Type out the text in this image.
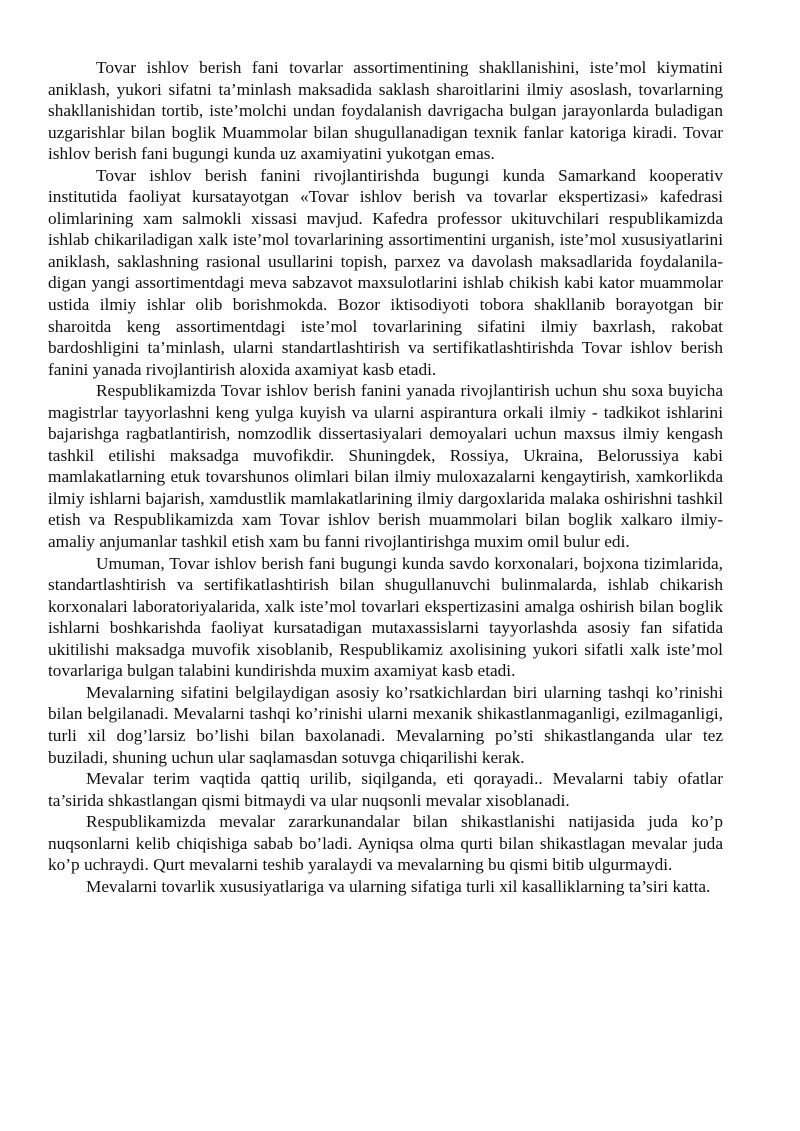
Tovar ishlov berish fani tovarlar assortimentining shakllanishini, iste’mol kiymatini aniklash, yukori sifatni ta’minlash maksadida saklash sharoitlarini ilmiy asoslash, tovarlarning shakllanishidan tortib, iste’molchi undan foydalanish davrigacha bulgan jarayonlarda buladigan uzgarishlar bilan boglik Muammolar bilan shugullanadigan texnik fanlar katoriga kiradi. Tovar ishlov berish fani bugungi kunda uz axamiyatini yukotgan emas.

Tovar ishlov berish fanini rivojlantirishda bugungi kunda Samarkand kooperativ institutida faoliyat kursatayotgan «Tovar ishlov berish va tovarlar ekspertizasi» kafedrasi olimlarining xam salmokli xissasi mavjud. Kafedra professor ukituvchilari respublikamizda ishlab chikariladigan xalk iste’mol tovarlarining assortimentini urganish, iste’mol xususiyatlarini aniklash, saklashning rasional usullarini topish, parxez va davolash maksadlarida foydalanila-digan yangi assortimentdagi meva sabzavot maxsulotlarini ishlab chikish kabi kator muammolar ustida ilmiy ishlar olib borishmokda. Bozor iktisodiyoti tobora shakllanib borayotgan bir sharoitda keng assortimentdagi iste’mol tovarlarining sifatini ilmiy baxrlash, rakobat bardoshligini ta’minlash, ularni standartlashtirish va sertifikatlashtirishda Tovar ishlov berish fanini yanada rivojlantirish aloxida axamiyat kasb etadi.

Respublikamizda Tovar ishlov berish fanini yanada rivojlantirish uchun shu soxa buyicha magistrlar tayyorlashni keng yulga kuyish va ularni aspirantura orkali ilmiy - tadkikot ishlarini bajarishga ragbatlantirish, nomzodlik dissertasiyalari demoyalari uchun maxsus ilmiy kengash tashkil etilishi maksadga muvofikdir. Shuningdek, Rossiya, Ukraina, Belorussiya kabi mamlakatlarning etuk tovarshunos olimlari bilan ilmiy muloxazalarni kengaytirish, xamkorlikda ilmiy ishlarni bajarish, xamdustlik mamlakatlarining ilmiy dargoxlarida malaka oshirishni tashkil etish va Respublikamizda xam Tovar ishlov berish muammolari bilan boglik xalkaro ilmiy-amaliy anjumanlar tashkil etish xam bu fanni rivojlantirishga muxim omil bulur edi.

Umuman, Tovar ishlov berish fani bugungi kunda savdo korxonalari, bojxona tizimlarida, standartlashtirish va sertifikatlashtirish bilan shugullanuvchi bulinmalarda, ishlab chikarish korxonalari laboratoriyalarida, xalk iste’mol tovarlari ekspertizasini amalga oshirish bilan boglik ishlarni boshkarishda faoliyat kursatadigan mutaxassislarni tayyorlashda asosiy fan sifatida ukitilishi maksadga muvofik xisoblanib, Respublikamiz axolisining yukori sifatli xalk iste’mol tovarlariga bulgan talabini kundirishda muxim axamiyat kasb etadi.

Mevalarning sifatini belgilaydigan asosiy ko’rsatkichlardan biri ularning tashqi ko’rinishi bilan belgilanadi. Mevalarni tashqi ko’rinishi ularni mexanik shikastlanmaganligi, ezilmaganligi, turli xil dog’larsiz bo’lishi bilan baxolanadi. Mevalarning po’sti shikastlanganda ular tez buziladi, shuning uchun ular saqlamasdan sotuvga chiqarilishi kerak.

Mevalar terim vaqtida qattiq urilib, siqilganda, eti qorayadi.. Mevalarni tabiy ofatlar ta’sirida shkastlangan qismi bitmaydi va ular nuqsonli mevalar xisoblanadi.

Respublikamizda mevalar zararkunandalar bilan shikastlanishi natijasida juda ko’p nuqsonlarni kelib chiqishiga sabab bo’ladi. Ayniqsa olma qurti bilan shikastlagan mevalar juda ko’p uchraydi. Qurt mevalarni teshib yaralaydi va mevalarning bu qismi bitib ulgurmaydi.

Mevalarni tovarlik xususiyatlariga va ularning sifatiga turli xil kasalliklarning ta’siri katta.
